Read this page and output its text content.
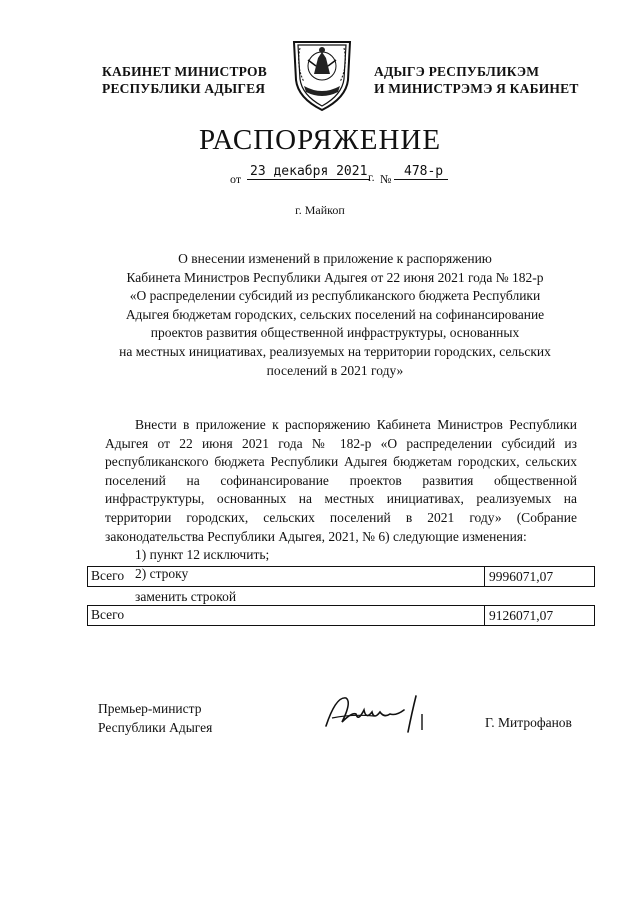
КАБИНЕТ МИНИСТРОВ
РЕСПУБЛИКИ АДЫГЕЯ
АДЫГЭ РЕСПУБЛИКЭМ
И МИНИСТРЭМЭ Я КАБИНЕТ
РАСПОРЯЖЕНИЕ
от 23 декабря 2021 г. № 478-р
г. Майкоп
О внесении изменений в приложение к распоряжению
Кабинета Министров Республики Адыгея от 22 июня 2021 года № 182-р
«О распределении субсидий из республиканского бюджета Республики
Адыгея бюджетам городских, сельских поселений на софинансирование
проектов развития общественной инфраструктуры, основанных
на местных инициативах, реализуемых на территории городских, сельских
поселений в 2021 году»

Внести в приложение к распоряжению Кабинета Министров Республики Адыгея от 22 июня 2021 года № 182-р «О распределении субсидий из республиканского бюджета Республики Адыгея бюджетам городских, сельских поселений на софинансирование проектов развития общественной инфраструктуры, основанных на местных инициативах, реализуемых на территории городских, сельских поселений в 2021 году» (Собрание законодательства Республики Адыгея, 2021, № 6) следующие изменения:

1) пункт 12 исключить;

2) строку

Всего	9996071,07
заменить строкой
Всего	9126071,07
Премьер-министр
Республики Адыгея	Г. Митрофанов
